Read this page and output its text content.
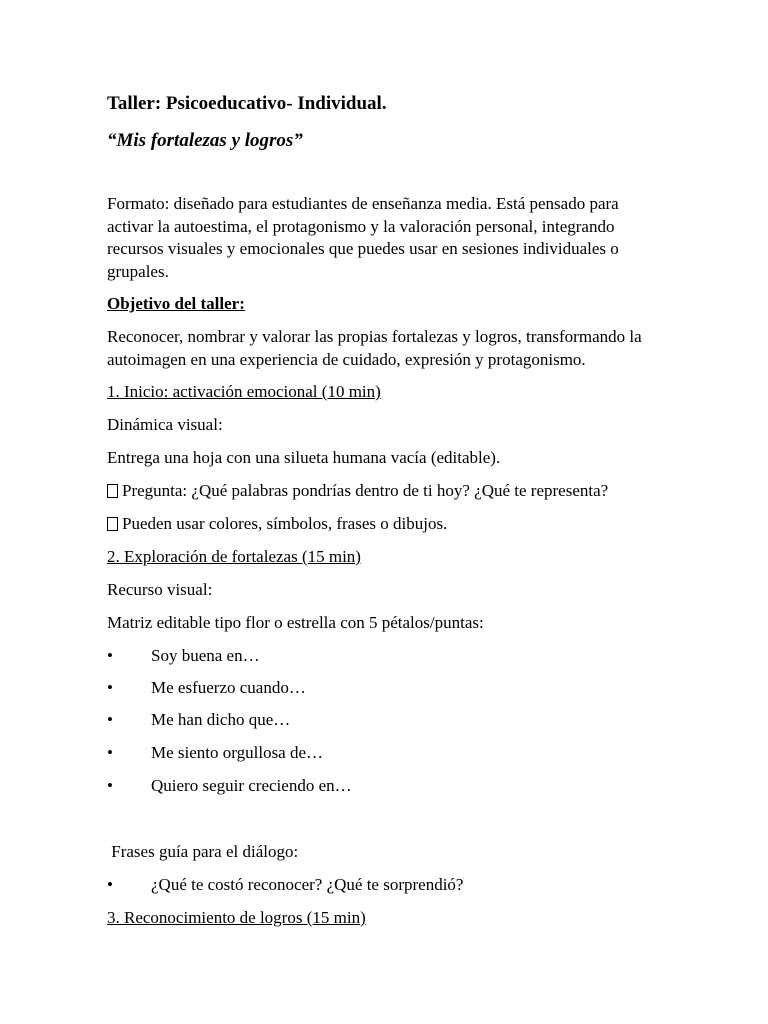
Taller: Psicoeducativo- Individual.
“Mis fortalezas y logros”
Formato: diseñado para estudiantes de enseñanza media. Está pensado para activar la autoestima, el protagonismo y la valoración personal, integrando recursos visuales y emocionales que puedes usar en sesiones individuales o grupales.
Objetivo del taller:
Reconocer, nombrar y valorar las propias fortalezas y logros, transformando la autoimagen en una experiencia de cuidado, expresión y protagonismo.
1. Inicio: activación emocional (10 min)
Dinámica visual:
Entrega una hoja con una silueta humana vacía (editable).
Pregunta: ¿Qué palabras pondrías dentro de ti hoy? ¿Qué te representa?
Pueden usar colores, símbolos, frases o dibujos.
2. Exploración de fortalezas (15 min)
Recurso visual:
Matriz editable tipo flor o estrella con 5 pétalos/puntas:
• Soy buena en…
• Me esfuerzo cuando…
• Me han dicho que…
• Me siento orgullosa de…
• Quiero seguir creciendo en…
Frases guía para el diálogo:
• ¿Qué te costó reconocer? ¿Qué te sorprendió?
3. Reconocimiento de logros (15 min)
